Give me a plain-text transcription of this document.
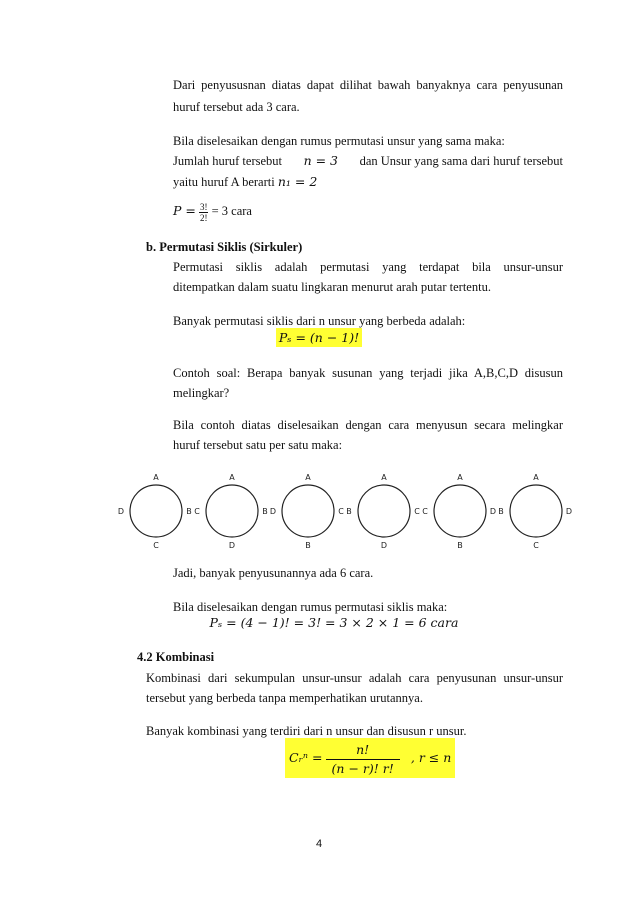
Dari penyususnan diatas dapat dilihat bawah banyaknya cara penyusunan
huruf tersebut ada 3 cara.
Bila diselesaikan dengan rumus permutasi unsur yang sama maka:
Jumlah huruf tersebut n = 3 dan Unsur yang sama dari huruf tersebut
yaitu huruf A berarti n₁ = 2
$P = \frac{3!}{2!} = 3$ cara
b. Permutasi Siklis (Sirkuler)
Permutasi siklis adalah permutasi yang terdapat bila unsur-unsur
ditempatkan dalam suatu lingkaran menurut arah putar tertentu.
Banyak permutasi siklis dari n unsur yang berbeda adalah:
Pₛ = (n − 1)!
Contoh soal: Berapa banyak susunan yang terjadi jika A,B,C,D disusun
melingkar?
Bila contoh diatas diselesaikan dengan cara menyusun secara melingkar
huruf tersebut satu per satu maka:
A
C
D	B
A
D
C	B
A
B
D	C
A
D
B	C
A
B
C	D
A
C
B	D
Jadi, banyak penyusunannya ada 6 cara.
Bila diselesaikan dengan rumus permutasi siklis maka:
Pₛ = (4 − 1)! = 3! = 3 × 2 × 1 = 6 cara
4.2 Kombinasi
Kombinasi dari sekumpulan unsur-unsur adalah cara penyusunan unsur-unsur
tersebut yang berbeda tanpa memperhatikan urutannya.
Banyak kombinasi yang terdiri dari n unsur dan disusun r unsur.
Cᵣⁿ = $\frac{n!}{(n - r)! r!}$ , r ≤ n
4
